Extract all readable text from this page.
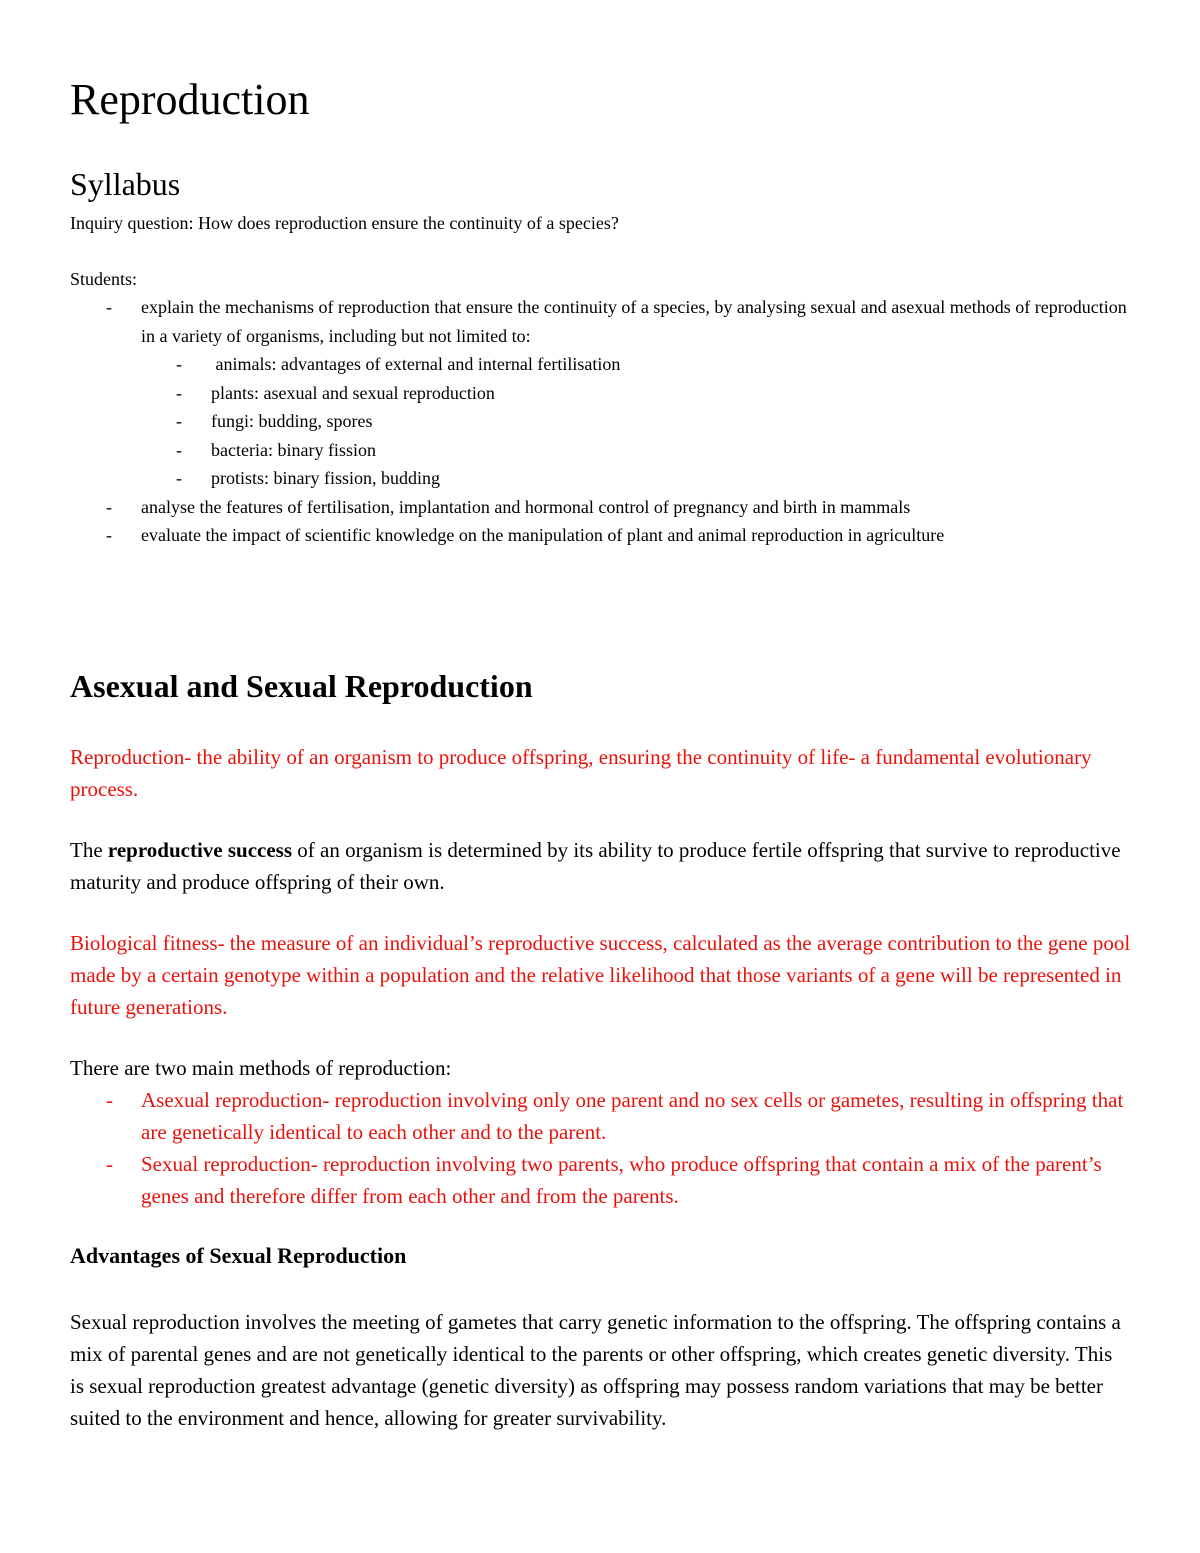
Reproduction
Syllabus
Inquiry question: How does reproduction ensure the continuity of a species?
Students:
- explain the mechanisms of reproduction that ensure the continuity of a species, by analysing sexual and asexual methods of reproduction in a variety of organisms, including but not limited to:
- animals: advantages of external and internal fertilisation
- plants: asexual and sexual reproduction
- fungi: budding, spores
- bacteria: binary fission
- protists: binary fission, budding
- analyse the features of fertilisation, implantation and hormonal control of pregnancy and birth in mammals
- evaluate the impact of scientific knowledge on the manipulation of plant and animal reproduction in agriculture
Asexual and Sexual Reproduction

Reproduction- the ability of an organism to produce offspring, ensuring the continuity of life- a fundamental evolutionary process.

The reproductive success of an organism is determined by its ability to produce fertile offspring that survive to reproductive maturity and produce offspring of their own.

Biological fitness- the measure of an individual’s reproductive success, calculated as the average contribution to the gene pool made by a certain genotype within a population and the relative likelihood that those variants of a gene will be represented in future generations.

There are two main methods of reproduction:

- Asexual reproduction- reproduction involving only one parent and no sex cells or gametes, resulting in offspring that are genetically identical to each other and to the parent.
- Sexual reproduction- reproduction involving two parents, who produce offspring that contain a mix of the parent’s genes and therefore differ from each other and from the parents.
Advantages of Sexual Reproduction

Sexual reproduction involves the meeting of gametes that carry genetic information to the offspring. The offspring contains a mix of parental genes and are not genetically identical to the parents or other offspring, which creates genetic diversity. This is sexual reproduction greatest advantage (genetic diversity) as offspring may possess random variations that may be better suited to the environment and hence, allowing for greater survivability.
